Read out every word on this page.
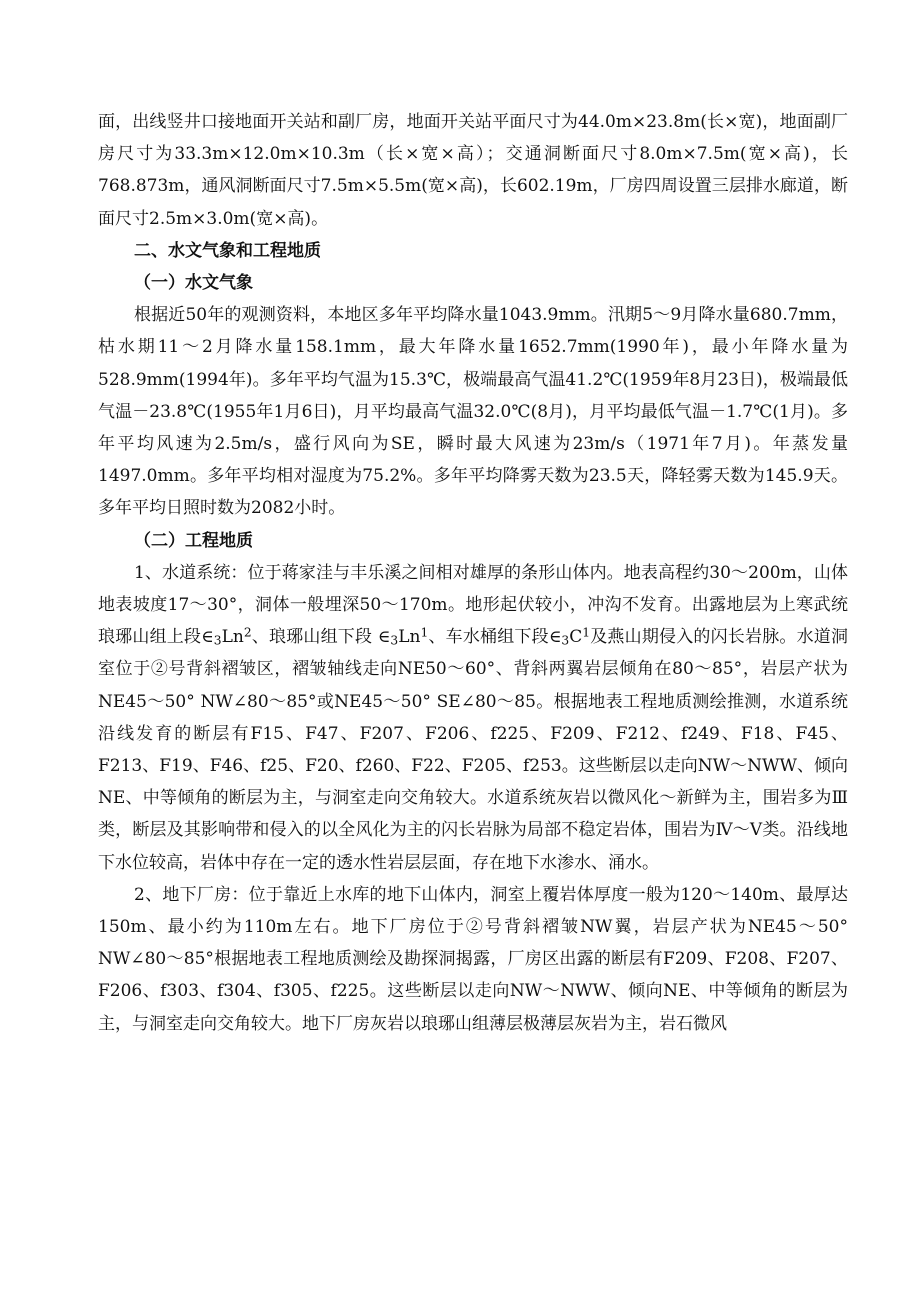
面，出线竖井口接地面开关站和副厂房，地面开关站平面尺寸为44.0m×23.8m(长×宽)，地面副厂房尺寸为33.3m×12.0m×10.3m（长×宽×高）；交通洞断面尺寸8.0m×7.5m(宽×高)，长768.873m，通风洞断面尺寸7.5m×5.5m(宽×高)，长602.19m，厂房四周设置三层排水廊道，断面尺寸2.5m×3.0m(宽×高)。

二、水文气象和工程地质
（一）水文气象

根据近50年的观测资料，本地区多年平均降水量1043.9mm。汛期5～9月降水量680.7mm，枯水期11～2月降水量158.1mm，最大年降水量1652.7mm(1990年)，最小年降水量为528.9mm(1994年)。多年平均气温为15.3℃，极端最高气温41.2℃(1959年8月23日)，极端最低气温－23.8℃(1955年1月6日)，月平均最高气温32.0℃(8月)，月平均最低气温－1.7℃(1月)。多年平均风速为2.5m/s，盛行风向为SE，瞬时最大风速为23m/s（1971年7月)。年蒸发量 1497.0mm。多年平均相对湿度为75.2%。多年平均降雾天数为23.5天，降轻雾天数为145.9天。多年平均日照时数为2082小时。

（二）工程地质

1、水道系统：位于蒋家洼与丰乐溪之间相对雄厚的条形山体内。地表高程约30～200m，山体地表坡度17～30°，洞体一般埋深50～170m。地形起伏较小，冲沟不发育。出露地层为上寒武统琅琊山组上段$\in_3Ln^2$、琅琊山组下段 $\in_3Ln^1$、车水桶组下段$\in_3C^1$及燕山期侵入的闪长岩脉。水道洞室位于②号背斜褶皱区，褶皱轴线走向NE50～60°、背斜两翼岩层倾角在80～85°，岩层产状为NE45～50° NW∠80～85°或NE45～50° SE∠80～85。根据地表工程地质测绘推测，水道系统沿线发育的断层有F15、F47、F207、F206、f225、F209、F212、f249、F18、F45、F213、F19、F46、f25、F20、f260、F22、F205、f253。这些断层以走向NW～NWW、倾向NE、中等倾角的断层为主，与洞室走向交角较大。水道系统灰岩以微风化～新鲜为主，围岩多为Ⅲ类，断层及其影响带和侵入的以全风化为主的闪长岩脉为局部不稳定岩体，围岩为Ⅳ～Ⅴ类。沿线地下水位较高，岩体中存在一定的透水性岩层层面，存在地下水渗水、涌水。

2、地下厂房：位于靠近上水库的地下山体内，洞室上覆岩体厚度一般为120～140m、最厚达150m、最小约为110m左右。地下厂房位于②号背斜褶皱NW翼，岩层产状为NE45～50° NW∠80～85°根据地表工程地质测绘及勘探洞揭露，厂房区出露的断层有F209、F208、F207、F206、f303、f304、f305、f225。这些断层以走向NW～NWW、倾向NE、中等倾角的断层为主，与洞室走向交角较大。地下厂房灰岩以琅琊山组薄层极薄层灰岩为主，岩石微风
